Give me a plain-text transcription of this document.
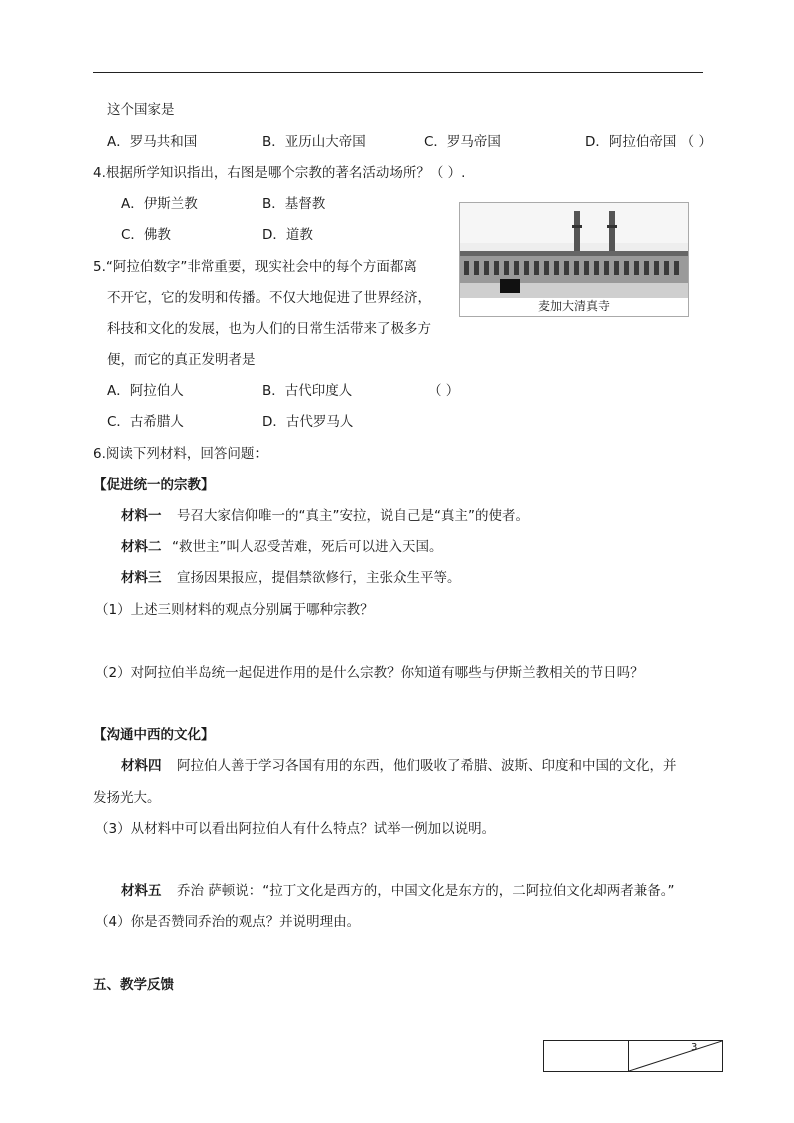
这个国家是
A．罗马共和国	B．亚历山大帝国	C．罗马帝国	D．阿拉伯帝国 （ ）
4.根据所学知识指出，右图是哪个宗教的著名活动场所？（ ）.
A．伊斯兰教	B．基督教
C．佛教	D．道教
麦加大清真寺
5.“阿拉伯数字”非常重要，现实社会中的每个方面都离
不开它，它的发明和传播。不仅大地促进了世界经济，
科技和文化的发展，也为人们的日常生活带来了极多方
便，而它的真正发明者是
A．阿拉伯人	B．古代印度人	（ ）
C．古希腊人	D．古代罗马人
6.阅读下列材料，回答问题：
【促进统一的宗教】
材料一 号召大家信仰唯一的“真主”安拉，说自己是“真主”的使者。
材料二 “救世主”叫人忍受苦难，死后可以进入天国。
材料三 宣扬因果报应，提倡禁欲修行，主张众生平等。
（1）上述三则材料的观点分别属于哪种宗教？
（2）对阿拉伯半岛统一起促进作用的是什么宗教？你知道有哪些与伊斯兰教相关的节日吗？
【沟通中西的文化】
材料四 阿拉伯人善于学习各国有用的东西，他们吸收了希腊、波斯、印度和中国的文化，并
发扬光大。
（3）从材料中可以看出阿拉伯人有什么特点？试举一例加以说明。
材料五 乔治 萨顿说：“拉丁文化是西方的，中国文化是东方的，二阿拉伯文化却两者兼备。”
（4）你是否赞同乔治的观点？并说明理由。
五、教学反馈
3
